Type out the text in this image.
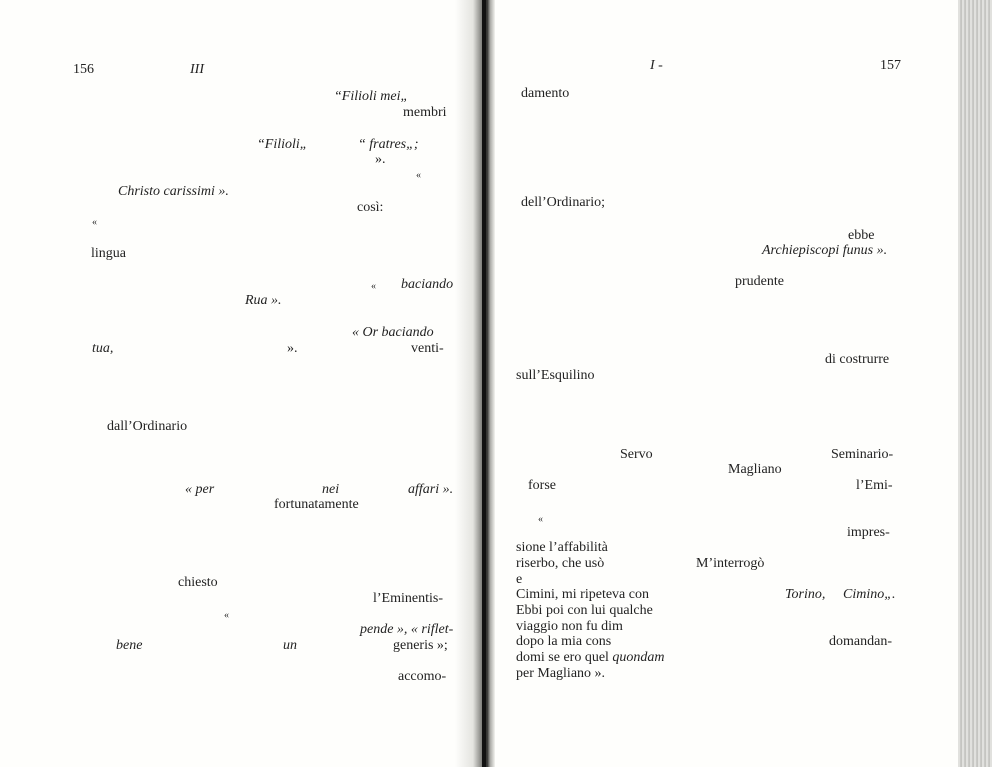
156	III
“Filioli mei„
membri
“Filioli„	“ fratres„;
».
«
Christo carissimi ».
così:
«
lingua
« baciando
Rua ».
« Or baciando
tua,	».	venti-
dall’Ordinario
« per	nei	affari ».
fortunatamente
chiesto
l’Eminentis-
«
pende », « riflet-
bene	un	generis »;
accomo-
I -	157
damento
dell’Ordinario;
ebbe
Archiepiscopi funus ».
prudente
di costrurre
sull’Esquilino
Servo	Seminario-
Magliano
forse	l’Emi-
«
impres-
sione l’affabilità
riserbo, che usò	M’interrogò
e
Cimini, mi ripeteva con	Torino, Cimino„.
Ebbi poi con lui qualche
viaggio non fu dim
dopo la mia cons	domandan-
domi se ero quel quondam
per Magliano ».
